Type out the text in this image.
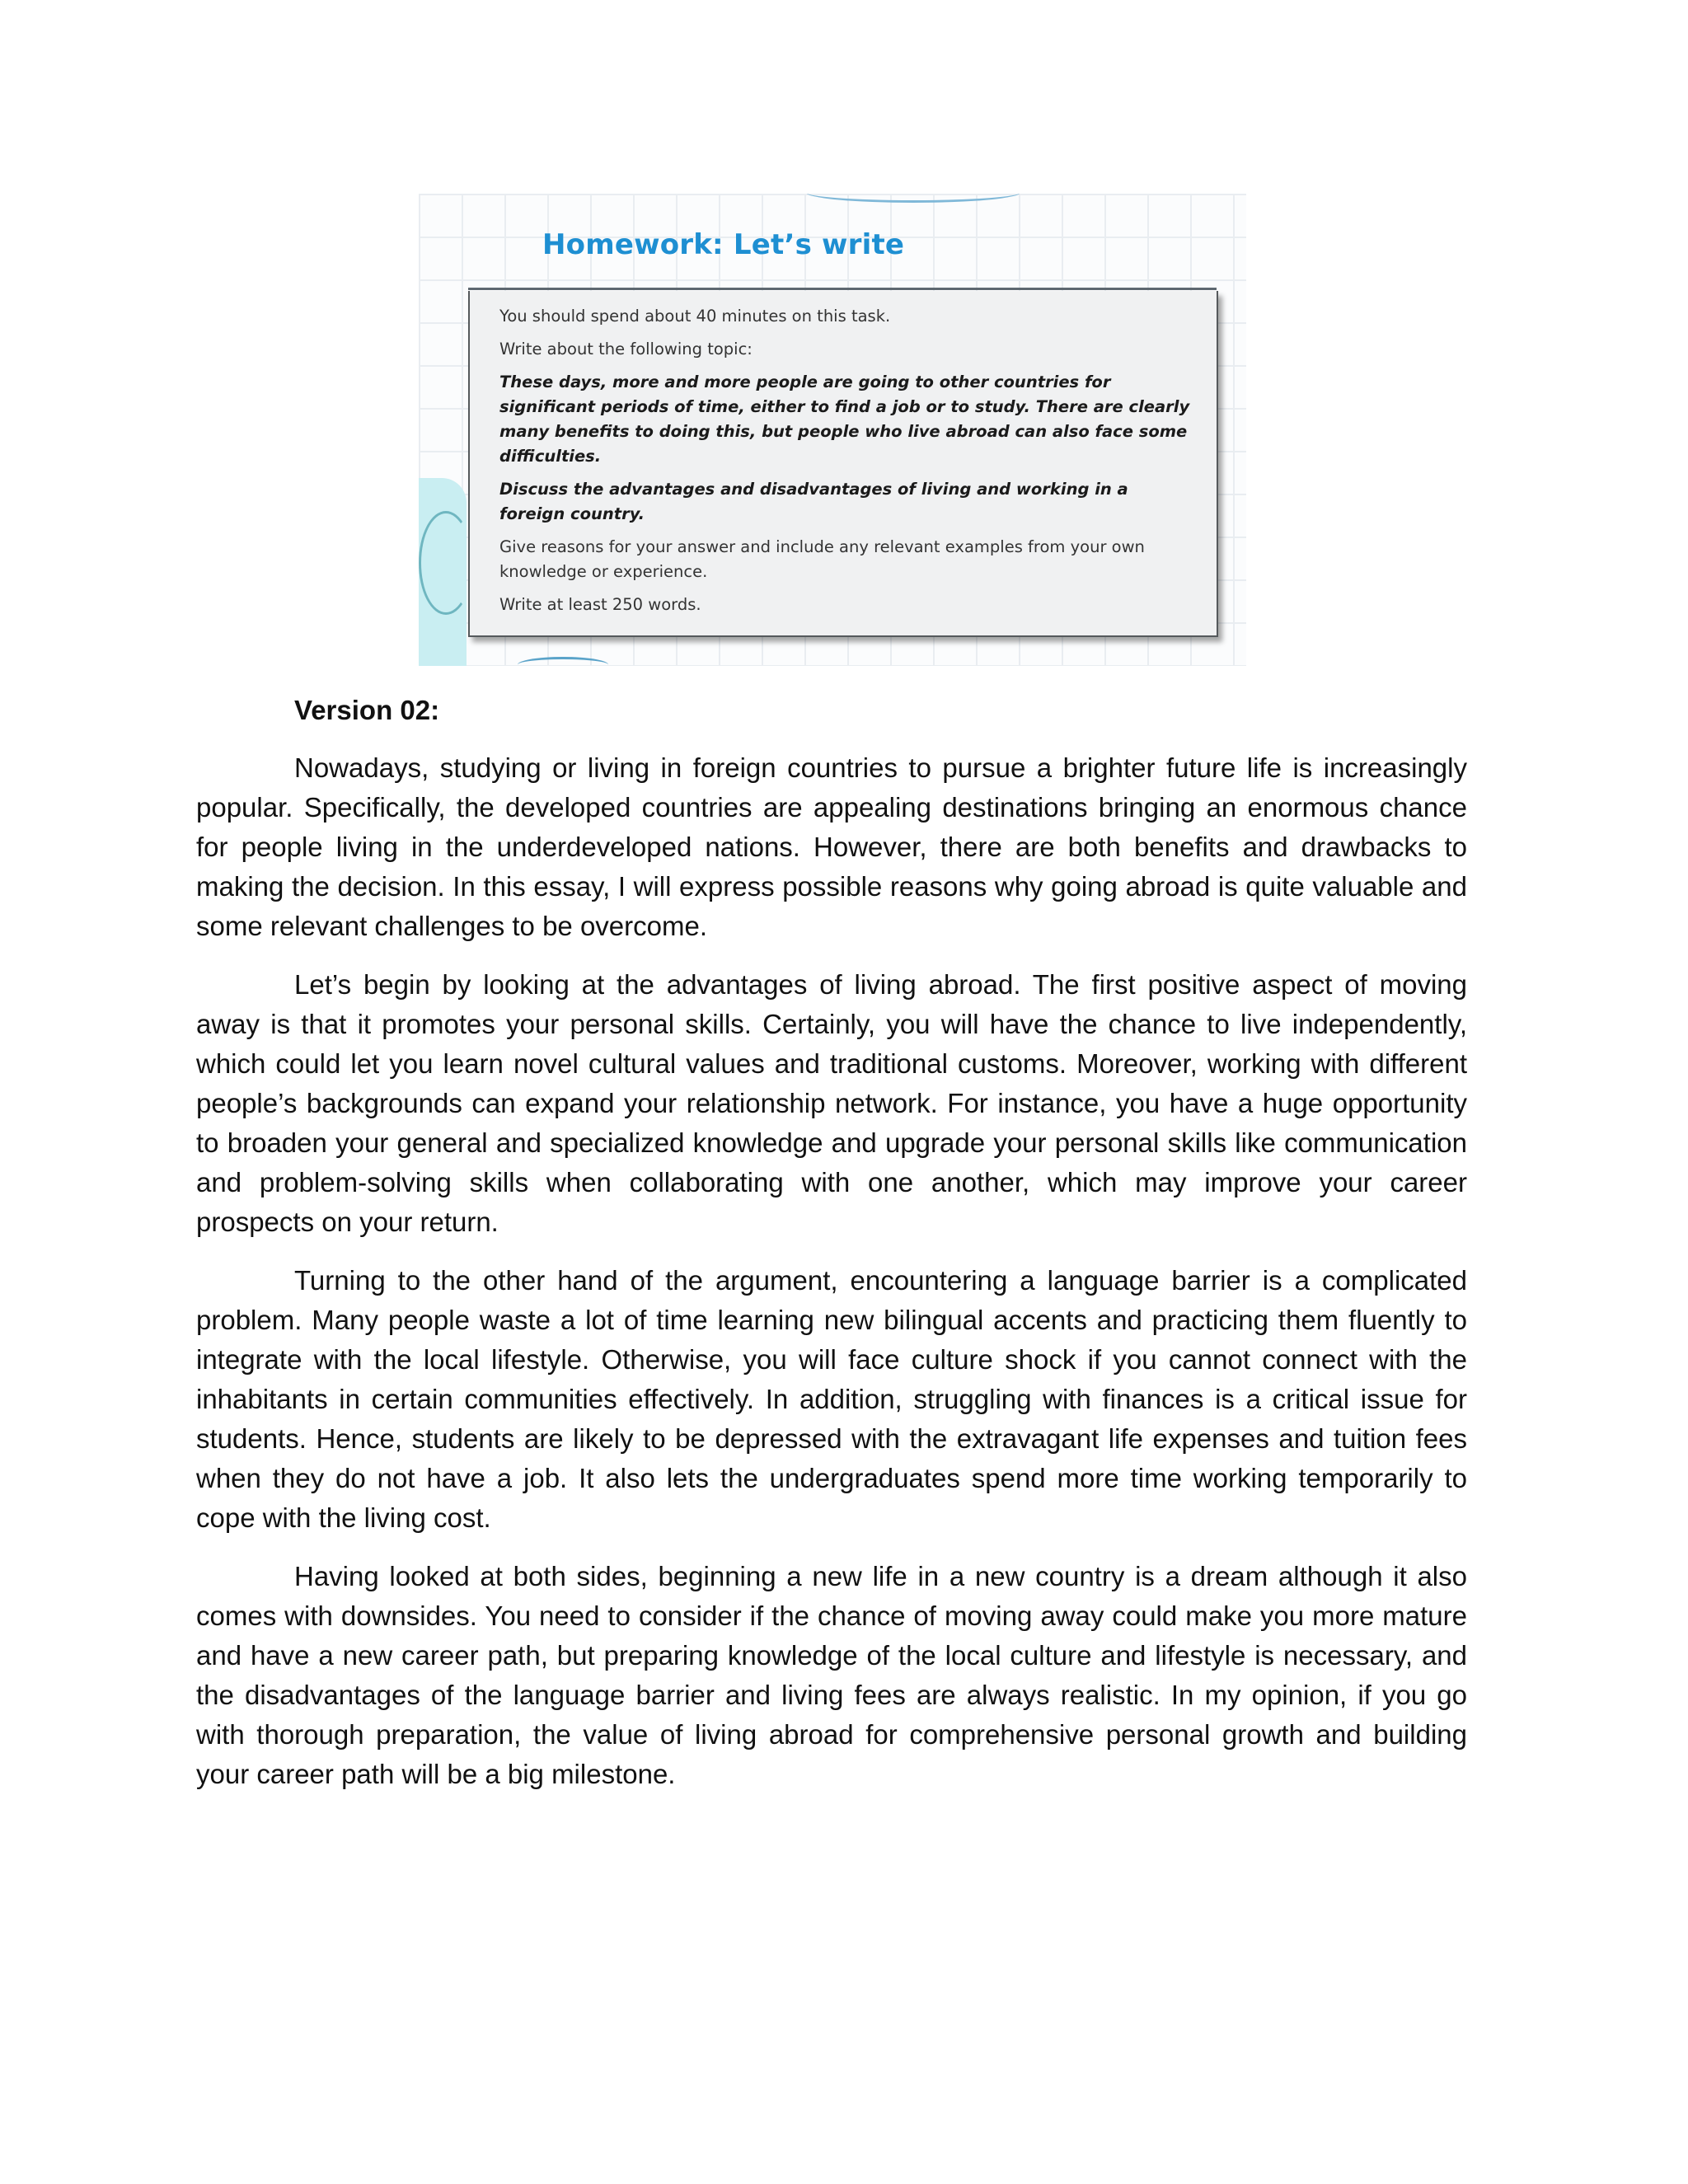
Homework: Let’s write

You should spend about 40 minutes on this task.

Write about the following topic:

These days, more and more people are going to other countries for significant periods of time, either to find a job or to study. There are clearly many benefits to doing this, but people who live abroad can also face some difficulties.

Discuss the advantages and disadvantages of living and working in a foreign country.

Give reasons for your answer and include any relevant examples from your own knowledge or experience.

Write at least 250 words.

Version 02:

Nowadays, studying or living in foreign countries to pursue a brighter future life is increasingly popular. Specifically, the developed countries are appealing destinations bringing an enormous chance for people living in the underdeveloped nations. However, there are both benefits and drawbacks to making the decision. In this essay, I will express possible reasons why going abroad is quite valuable and some relevant challenges to be overcome.

Let’s begin by looking at the advantages of living abroad. The first positive aspect of moving away is that it promotes your personal skills. Certainly, you will have the chance to live independently, which could let you learn novel cultural values and traditional customs. Moreover, working with different people’s backgrounds can expand your relationship network. For instance, you have a huge opportunity to broaden your general and specialized knowledge and upgrade your personal skills like communication and problem-solving skills when collaborating with one another, which may improve your career prospects on your return.

Turning to the other hand of the argument, encountering a language barrier is a complicated problem. Many people waste a lot of time learning new bilingual accents and practicing them fluently to integrate with the local lifestyle. Otherwise, you will face culture shock if you cannot connect with the inhabitants in certain communities effectively. In addition, struggling with finances is a critical issue for students. Hence, students are likely to be depressed with the extravagant life expenses and tuition fees when they do not have a job. It also lets the undergraduates spend more time working temporarily to cope with the living cost.

Having looked at both sides, beginning a new life in a new country is a dream although it also comes with downsides. You need to consider if the chance of moving away could make you more mature and have a new career path, but preparing knowledge of the local culture and lifestyle is necessary, and the disadvantages of the language barrier and living fees are always realistic. In my opinion, if you go with thorough preparation, the value of living abroad for comprehensive personal growth and building your career path will be a big milestone.
